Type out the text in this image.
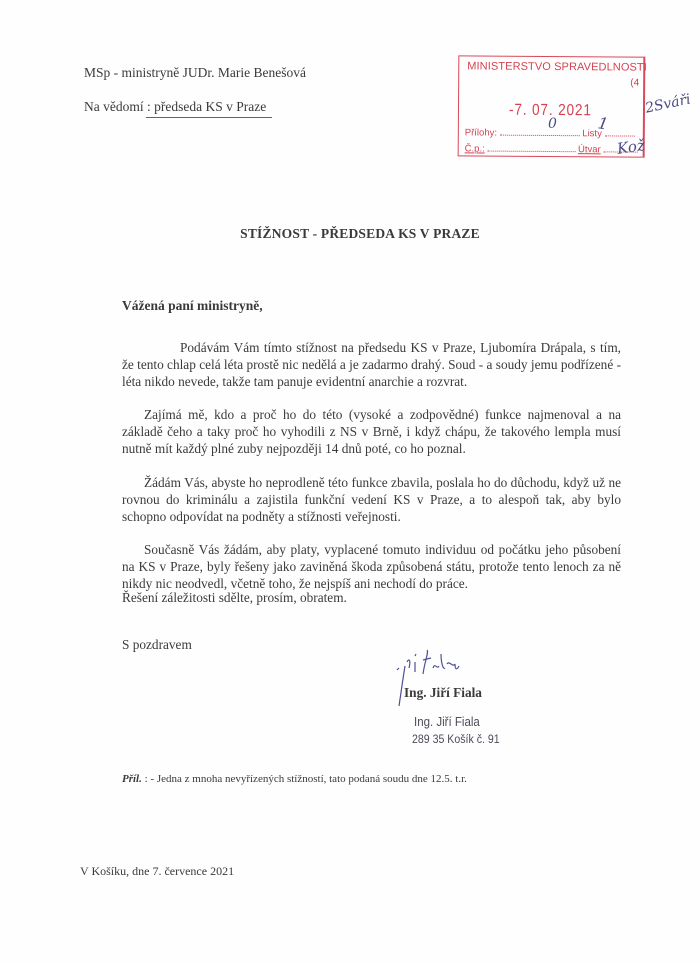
MSp - ministryně JUDr. Marie Benešová
Na vědomí : předseda KS v Praze
MINISTERSTVO SPRAVEDLNOSTI
(4
-7. 07. 2021
Přílohy:	Listy
Č.p.:	Útvar
2Sváři
0 1
Kož
STÍŽNOST - PŘEDSEDA KS V PRAZE
Vážená paní ministryně,
Podávám Vám tímto stížnost na předsedu KS v Praze, Ljubomíra Drápala, s tím, že tento chlap celá léta prostě nic nedělá a je zadarmo drahý. Soud - a soudy jemu podřízené - léta nikdo nevede, takže tam panuje evidentní anarchie a rozvrat.
Zajímá mě, kdo a proč ho do této (vysoké a zodpovědné) funkce najmenoval a na základě čeho a taky proč ho vyhodili z NS v Brně, i když chápu, že takového lempla musí nutně mít každý plné zuby nejpozději 14 dnů poté, co ho poznal.
Žádám Vás, abyste ho neprodleně této funkce zbavila, poslala ho do důchodu, když už ne rovnou do kriminálu a zajistila funkční vedení KS v Praze, a to alespoň tak, aby bylo schopno odpovídat na podněty a stížnosti veřejnosti.
Současně Vás žádám, aby platy, vyplacené tomuto individuu od počátku jeho působení na KS v Praze, byly řešeny jako zaviněná škoda způsobená státu, protože tento lenoch za ně nikdy nic neodvedl, včetně toho, že nejspíš ani nechodí do práce.
Řešení záležitosti sdělte, prosím, obratem.
S pozdravem
Ing. Jiří Fiala
Ing. Jiří Fiala
289 35 Košík č. 91
Příl. : - Jedna z mnoha nevyřízených stížností, tato podaná soudu dne 12.5. t.r.
V Košíku, dne 7. července 2021
